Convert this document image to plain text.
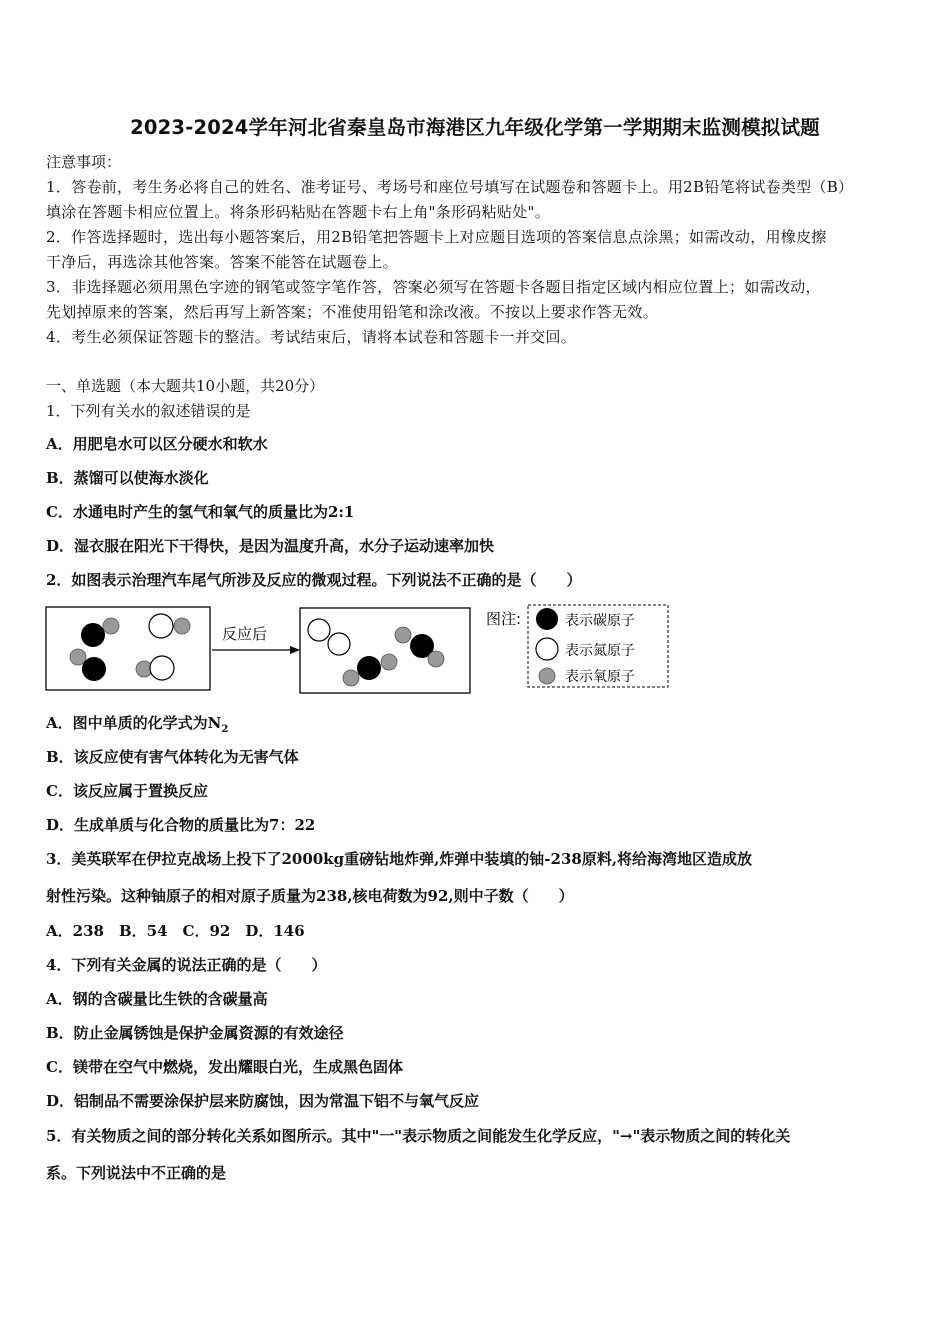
2023-2024学年河北省秦皇岛市海港区九年级化学第一学期期末监测模拟试题
注意事项：
1．答卷前，考生务必将自己的姓名、准考证号、考场号和座位号填写在试题卷和答题卡上。用2B铅笔将试卷类型（B）
填涂在答题卡相应位置上。将条形码粘贴在答题卡右上角"条形码粘贴处"。
2．作答选择题时，选出每小题答案后，用2B铅笔把答题卡上对应题目选项的答案信息点涂黑；如需改动，用橡皮擦
干净后，再选涂其他答案。答案不能答在试题卷上。
3．非选择题必须用黑色字迹的钢笔或签字笔作答，答案必须写在答题卡各题目指定区域内相应位置上；如需改动，
先划掉原来的答案，然后再写上新答案；不准使用铅笔和涂改液。不按以上要求作答无效。
4．考生必须保证答题卡的整洁。考试结束后，请将本试卷和答题卡一并交回。
一、单选题（本大题共10小题，共20分）
1．下列有关水的叙述错误的是
A．用肥皂水可以区分硬水和软水
B．蒸馏可以使海水淡化
C．水通电时产生的氢气和氧气的质量比为2:1
D．湿衣服在阳光下干得快，是因为温度升高，水分子运动速率加快
2．如图表示治理汽车尾气所涉及反应的微观过程。下列说法不正确的是（　　）
反应后
图注:	表示碳原子
表示氮原子
表示氧原子
A．图中单质的化学式为$N_2$
B．该反应使有害气体转化为无害气体
C．该反应属于置换反应
D．生成单质与化合物的质量比为7：22
3．美英联军在伊拉克战场上投下了2000kg重磅钻地炸弹,炸弹中装填的铀-238原料,将给海湾地区造成放
射性污染。这种铀原子的相对原子质量为238,核电荷数为92,则中子数（　　）
A．238　B．54　C．92　D．146
4．下列有关金属的说法正确的是（　　）
A．钢的含碳量比生铁的含碳量高
B．防止金属锈蚀是保护金属资源的有效途径
C．镁带在空气中燃烧，发出耀眼白光，生成黑色固体
D．铝制品不需要涂保护层来防腐蚀，因为常温下铝不与氧气反应
5．有关物质之间的部分转化关系如图所示。其中"一"表示物质之间能发生化学反应，"→"表示物质之间的转化关
系。下列说法中不正确的是
